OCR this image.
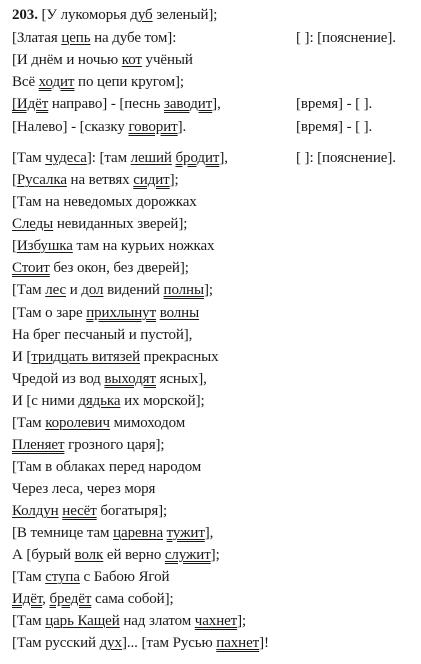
203. [У лукоморья дуб зеленый];
[Златая цепь на дубе том]:
[И днём и ночью кот учёный
Всё ходит по цепи кругом];
[Идёт направо] - [песнь заводит],
[Налево] - [сказку говорит].
[Там чудеса]: [там леший бродит],
[Русалка на ветвях сидит];
[Там на неведомых дорожках
Следы невиданных зверей];
[Избушка там на курьих ножках
Стоит без окон, без дверей];
[Там лес и дол видений полны];
[Там о заре прихлынут волны
На брег песчаный и пустой],
И [тридцать витязей прекрасных
Чредой из вод выходят ясных],
И [с ними дядька их морской];
[Там королевич мимоходом
Пленяет грозного царя];
[Там в облаках перед народом
Через леса, через моря
Колдун несёт богатыря];
[В темнице там царевна тужит],
А [бурый волк ей верно служит];
[Там ступа с Бабою Ягой
Идёт, бредёт сама собой];
[Там царь Кащей над златом чахнет];
[Там русский дух]... [там Русью пахнет]!
[ ]: [пояснение].
[время] - [ ].
[время] - [ ].
[ ]: [пояснение].
